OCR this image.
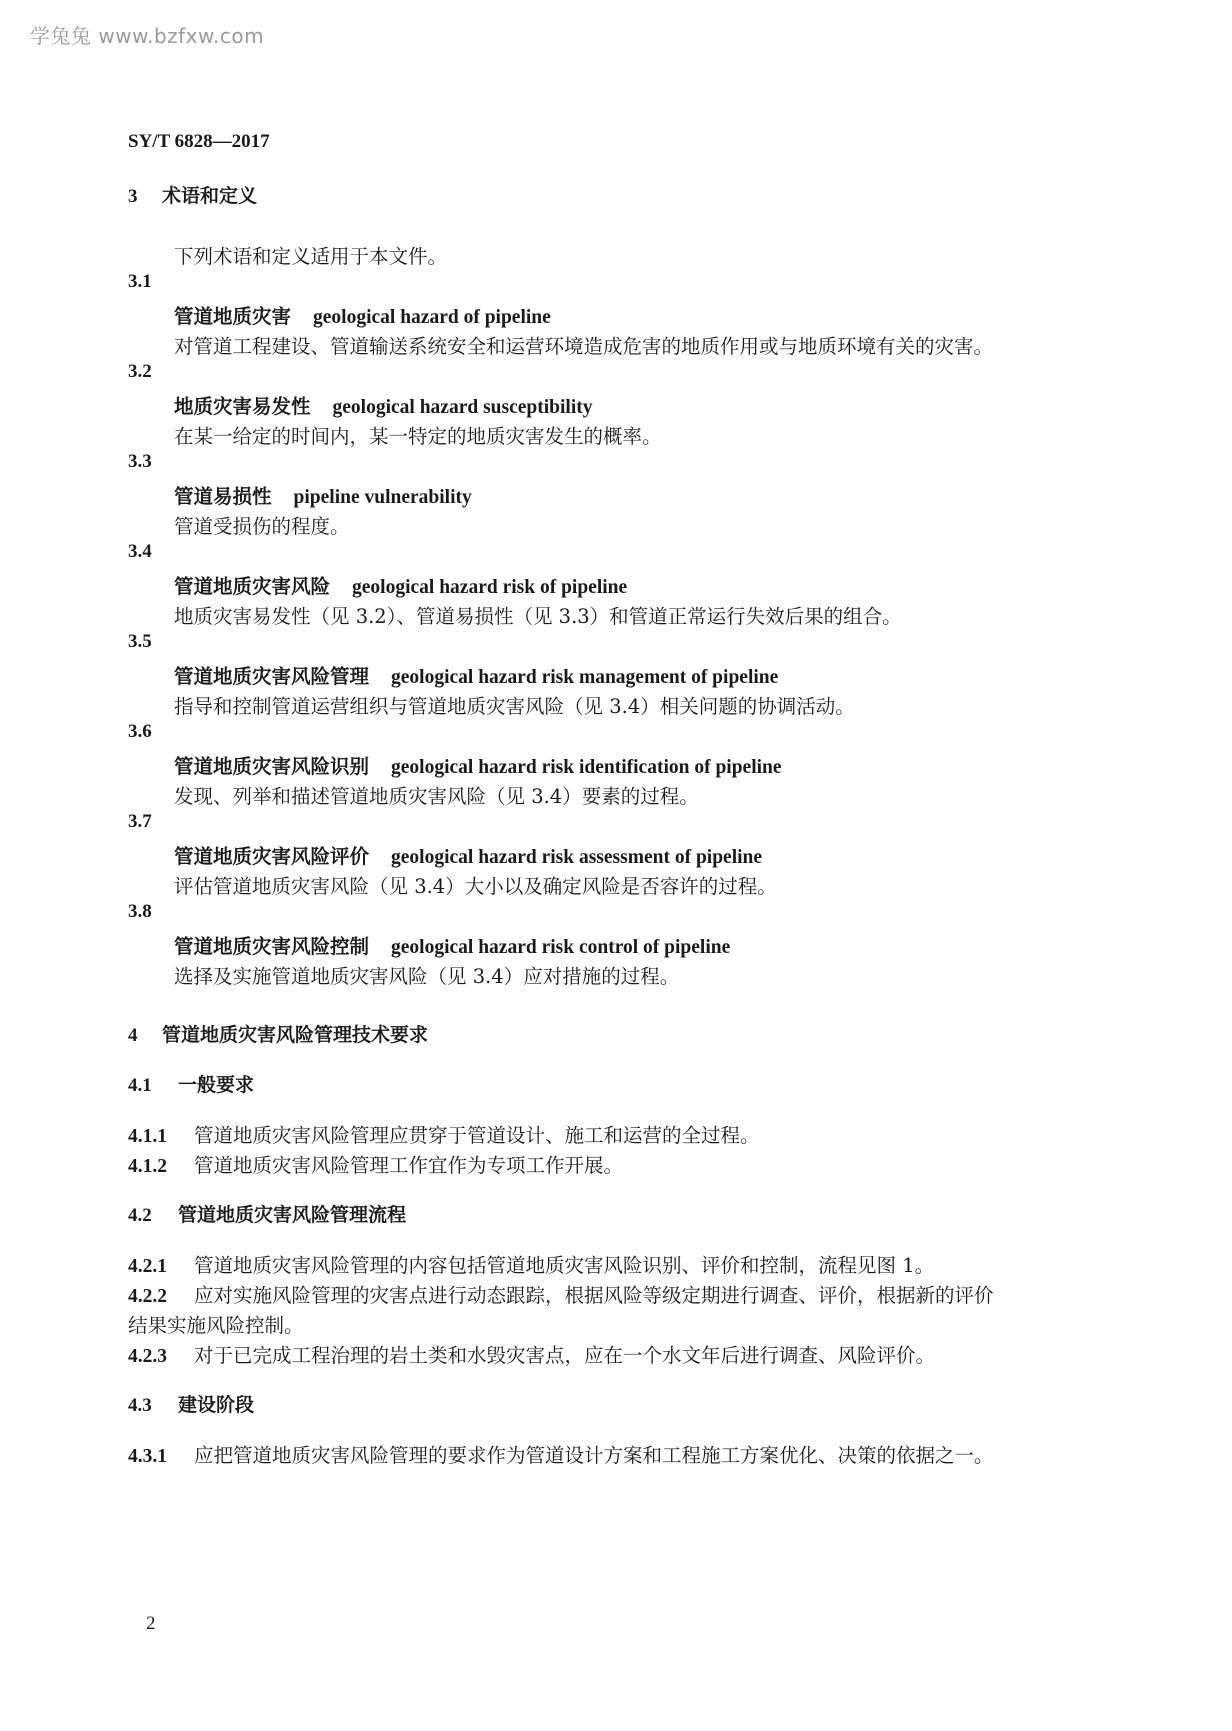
学兔兔 www.bzfxw.com
SY/T 6828—2017
3 术语和定义
下列术语和定义适用于本文件。
3.1
管道地质灾害 geological hazard of pipeline
对管道工程建设、管道输送系统安全和运营环境造成危害的地质作用或与地质环境有关的灾害。
3.2
地质灾害易发性 geological hazard susceptibility
在某一给定的时间内，某一特定的地质灾害发生的概率。
3.3
管道易损性 pipeline vulnerability
管道受损伤的程度。
3.4
管道地质灾害风险 geological hazard risk of pipeline
地质灾害易发性（见 3.2）、管道易损性（见 3.3）和管道正常运行失效后果的组合。
3.5
管道地质灾害风险管理 geological hazard risk management of pipeline
指导和控制管道运营组织与管道地质灾害风险（见 3.4）相关问题的协调活动。
3.6
管道地质灾害风险识别 geological hazard risk identification of pipeline
发现、列举和描述管道地质灾害风险（见 3.4）要素的过程。
3.7
管道地质灾害风险评价 geological hazard risk assessment of pipeline
评估管道地质灾害风险（见 3.4）大小以及确定风险是否容许的过程。
3.8
管道地质灾害风险控制 geological hazard risk control of pipeline
选择及实施管道地质灾害风险（见 3.4）应对措施的过程。
4 管道地质灾害风险管理技术要求
4.1 一般要求
4.1.1 管道地质灾害风险管理应贯穿于管道设计、施工和运营的全过程。
4.1.2 管道地质灾害风险管理工作宜作为专项工作开展。
4.2 管道地质灾害风险管理流程
4.2.1 管道地质灾害风险管理的内容包括管道地质灾害风险识别、评价和控制，流程见图 1。
4.2.2 应对实施风险管理的灾害点进行动态跟踪，根据风险等级定期进行调查、评价，根据新的评价
结果实施风险控制。
4.2.3 对于已完成工程治理的岩土类和水毁灾害点，应在一个水文年后进行调查、风险评价。
4.3 建设阶段
4.3.1 应把管道地质灾害风险管理的要求作为管道设计方案和工程施工方案优化、决策的依据之一。
2
